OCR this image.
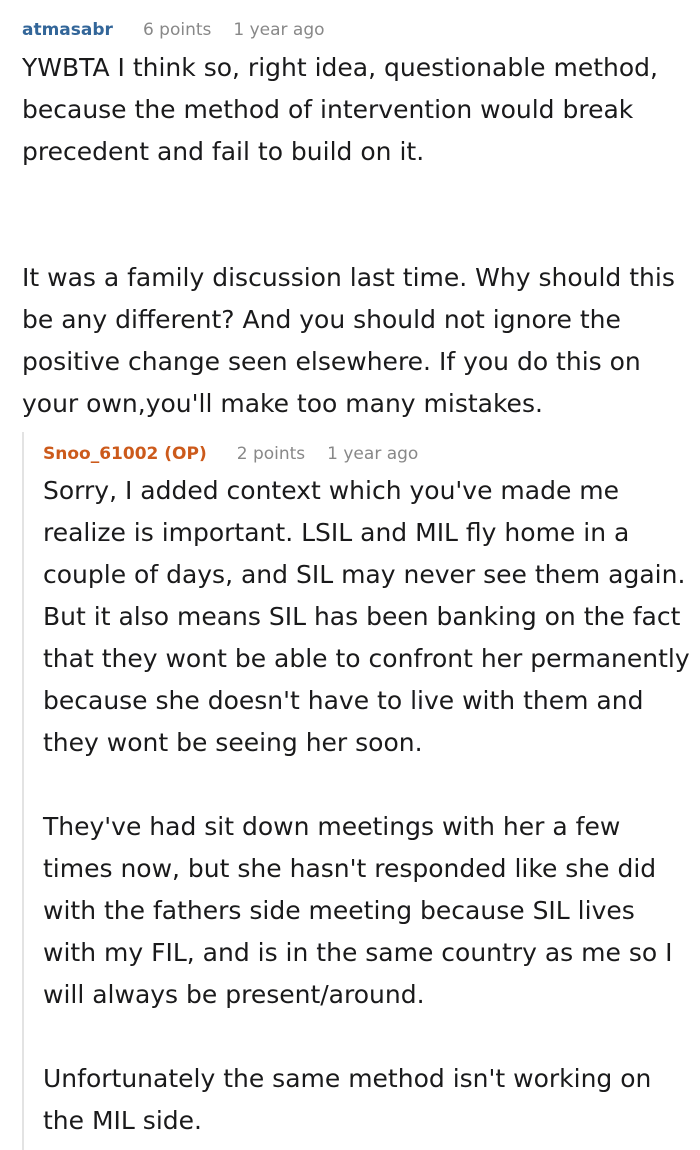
atmasabr 6 points 1 year ago

YWBTA I think so, right idea, questionable method, because the method of intervention would break precedent and fail to build on it.

It was a family discussion last time. Why should this be any different? And you should not ignore the positive change seen elsewhere. If you do this on your own,you'll make too many mistakes.

Snoo_61002 (OP) 2 points 1 year ago

Sorry, I added context which you've made me realize is important. LSIL and MIL fly home in a couple of days, and SIL may never see them again. But it also means SIL has been banking on the fact that they wont be able to confront her permanently because she doesn't have to live with them and they wont be seeing her soon.

They've had sit down meetings with her a few times now, but she hasn't responded like she did with the fathers side meeting because SIL lives with my FIL, and is in the same country as me so I will always be present/around.

Unfortunately the same method isn't working on the MIL side.
